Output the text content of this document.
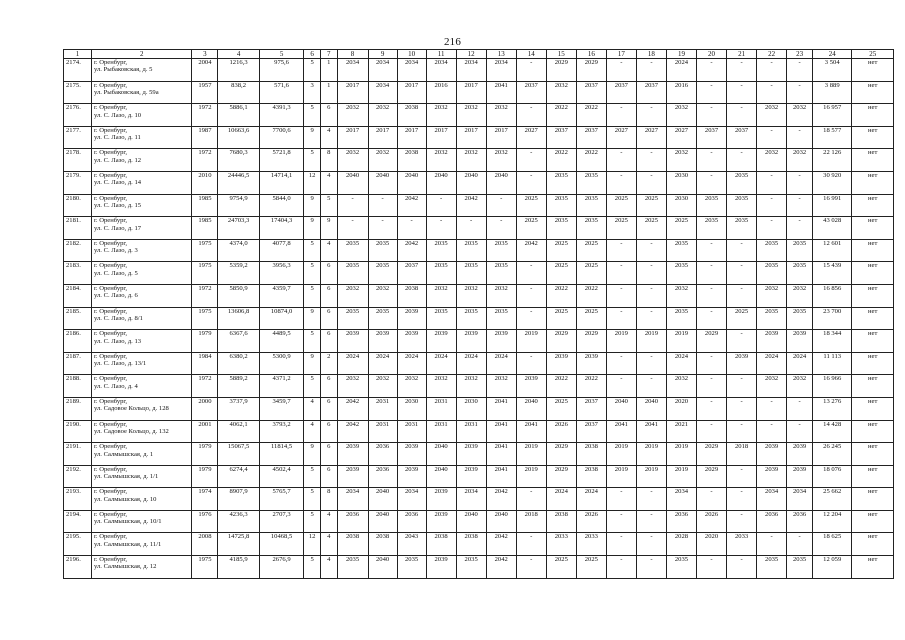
216
1	2	3	4	5	6	7	8	9	10	11	12	13	14	15	16	17	18	19	20	21	22	23	24	25
2174.	г. Оренбург,
ул. Рыбаковская, д. 5	2004	1216,3	975,6	5	1	2034	2034	2034	2034	2034	2034	-	2029	2029	-	-	2024	-	-	-	-	3 504	нет
2175.	г. Оренбург,
ул. Рыбаковская, д. 59а	1957	838,2	571,6	3	1	2017	2034	2017	2016	2017	2041	2037	2032	2037	2037	2037	2016	-	-	-	-	3 889	нет
2176.	г. Оренбург,
ул. С. Лазо, д. 10	1972	5886,1	4391,3	5	6	2032	2032	2038	2032	2032	2032	-	2022	2022	-	-	2032	-	-	2032	2032	16 957	нет
2177.	г. Оренбург,
ул. С. Лазо, д. 11	1987	10663,6	7700,6	9	4	2017	2017	2017	2017	2017	2017	2027	2037	2037	2027	2027	2027	2037	2037	-	-	18 577	нет
2178.	г. Оренбург,
ул. С. Лазо, д. 12	1972	7680,3	5721,8	5	8	2032	2032	2038	2032	2032	2032	-	2022	2022	-	-	2032	-	-	2032	2032	22 126	нет
2179.	г. Оренбург,
ул. С. Лазо, д. 14	2010	24446,5	14714,1	12	4	2040	2040	2040	2040	2040	2040	-	2035	2035	-	-	2030	-	2035	-	-	30 920	нет
2180.	г. Оренбург,
ул. С. Лазо, д. 15	1985	9754,9	5844,0	9	5	-	-	2042	-	2042	-	2025	2035	2035	2025	2025	2030	2035	2035	-	-	16 991	нет
2181.	г. Оренбург,
ул. С. Лазо, д. 17	1985	24703,3	17404,3	9	9	-	-	-	-	-	-	2025	2035	2035	2025	2025	2025	2035	2035	-	-	43 028	нет
2182.	г. Оренбург,
ул. С. Лазо, д. 3	1975	4374,0	4077,8	5	4	2035	2035	2042	2035	2035	2035	2042	2025	2025	-	-	2035	-	-	2035	2035	12 601	нет
2183.	г. Оренбург,
ул. С. Лазо, д. 5	1975	5359,2	3956,3	5	6	2035	2035	2037	2035	2035	2035	-	2025	2025	-	-	2035	-	-	2035	2035	15 439	нет
2184.	г. Оренбург,
ул. С. Лазо, д. 6	1972	5850,9	4359,7	5	6	2032	2032	2038	2032	2032	2032	-	2022	2022	-	-	2032	-	-	2032	2032	16 856	нет
2185.	г. Оренбург,
ул. С. Лазо, д. 8/1	1975	13606,8	10874,0	9	6	2035	2035	2039	2035	2035	2035	-	2025	2025	-	-	2035	-	2025	2035	2035	23 700	нет
2186.	г. Оренбург,
ул. С. Лазо, д. 13	1979	6367,6	4489,5	5	6	2039	2039	2039	2039	2039	2039	2019	2029	2029	2019	2019	2019	2029	-	2039	2039	18 344	нет
2187.	г. Оренбург,
ул. С. Лазо, д. 13/1	1984	6380,2	5300,9	9	2	2024	2024	2024	2024	2024	2024	-	2039	2039	-	-	2024	-	2039	2024	2024	11 113	нет
2188.	г. Оренбург,
ул. С. Лазо, д. 4	1972	5889,2	4371,2	5	6	2032	2032	2032	2032	2032	2032	2039	2022	2022	-	-	2032	-	-	2032	2032	16 966	нет
2189.	г. Оренбург,
ул. Садовое Кольцо, д. 128	2000	3737,9	3459,7	4	6	2042	2031	2030	2031	2030	2041	2040	2025	2037	2040	2040	2020	-	-	-	-	13 276	нет
2190.	г. Оренбург,
ул. Садовое Кольцо, д. 132	2001	4062,1	3793,2	4	6	2042	2031	2031	2031	2031	2041	2041	2026	2037	2041	2041	2021	-	-	-	-	14 428	нет
2191.	г. Оренбург,
ул. Салмышская, д. 1	1979	15067,5	11814,5	9	6	2039	2036	2039	2040	2039	2041	2019	2029	2038	2019	2019	2019	2029	2018	2039	2039	26 245	нет
2192.	г. Оренбург,
ул. Салмышская, д. 1/1	1979	6274,4	4502,4	5	6	2039	2036	2039	2040	2039	2041	2019	2029	2038	2019	2019	2019	2029	-	2039	2039	18 076	нет
2193.	г. Оренбург,
ул. Салмышская, д. 10	1974	8907,9	5765,7	5	8	2034	2040	2034	2039	2034	2042	-	2024	2024	-	-	2034	-	-	2034	2034	25 662	нет
2194.	г. Оренбург,
ул. Салмышская, д. 10/1	1976	4236,3	2707,3	5	4	2036	2040	2036	2039	2040	2040	2018	2038	2026	-	-	2036	2026	-	2036	2036	12 204	нет
2195.	г. Оренбург,
ул. Салмышская, д. 11/1	2008	14725,8	10468,5	12	4	2038	2038	2043	2038	2038	2042	-	2033	2033	-	-	2028	2020	2033	-	-	18 625	нет
2196.	г. Оренбург,
ул. Салмышская, д. 12	1975	4185,9	2676,9	5	4	2035	2040	2035	2039	2035	2042	-	2025	2025	-	-	2035	-	-	2035	2035	12 059	нет
